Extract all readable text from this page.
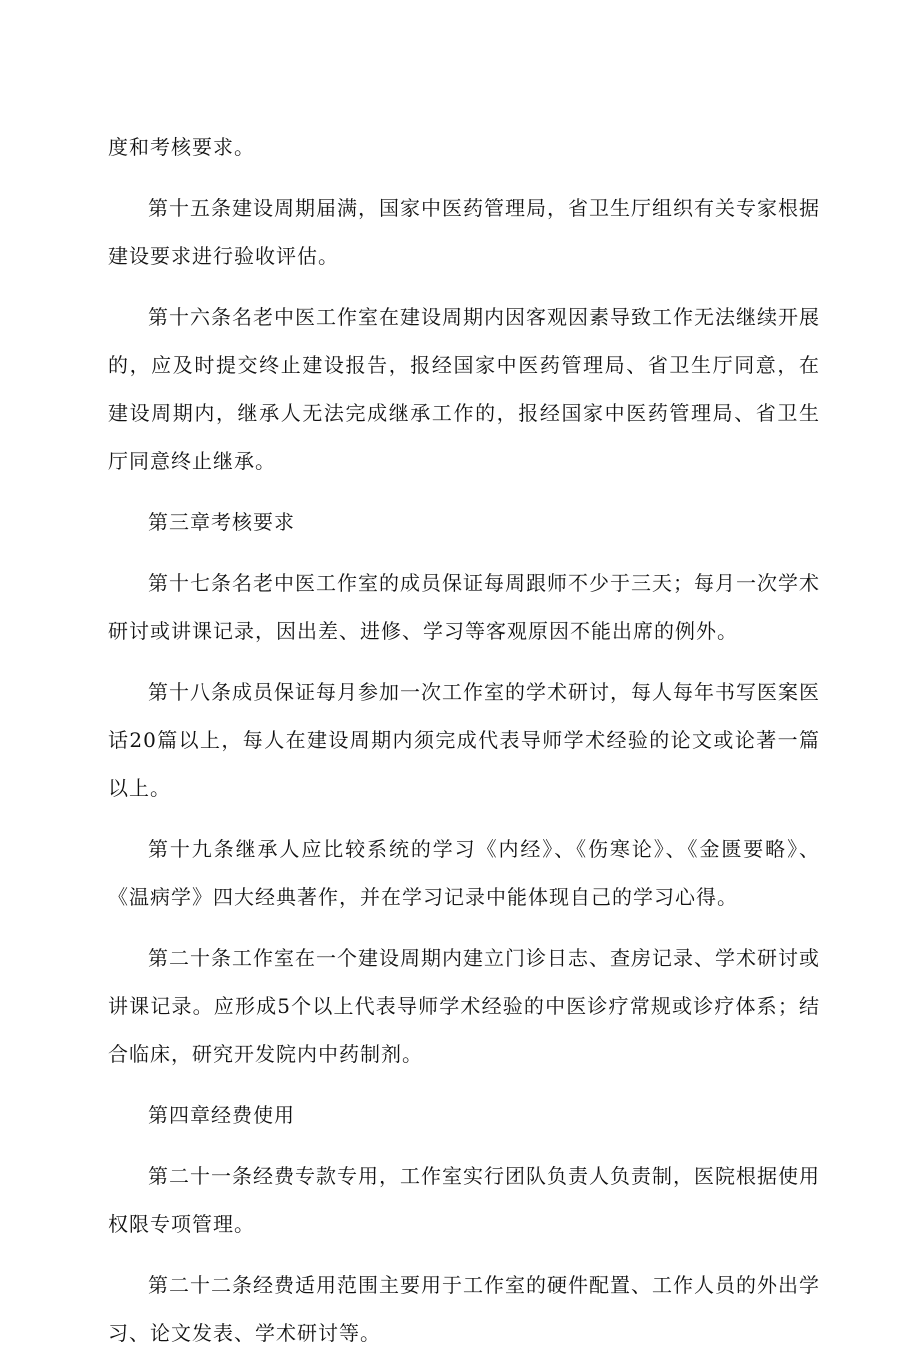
度和考核要求。

第十五条建设周期届满，国家中医药管理局，省卫生厅组织有关专家根据建设要求进行验收评估。

第十六条名老中医工作室在建设周期内因客观因素导致工作无法继续开展的，应及时提交终止建设报告，报经国家中医药管理局、省卫生厅同意，在建设周期内，继承人无法完成继承工作的，报经国家中医药管理局、省卫生厅同意终止继承。

第三章考核要求

第十七条名老中医工作室的成员保证每周跟师不少于三天；每月一次学术研讨或讲课记录，因出差、进修、学习等客观原因不能出席的例外。

第十八条成员保证每月参加一次工作室的学术研讨，每人每年书写医案医话20篇以上，每人在建设周期内须完成代表导师学术经验的论文或论著一篇以上。

第十九条继承人应比较系统的学习《内经》、《伤寒论》、《金匮要略》、《温病学》四大经典著作，并在学习记录中能体现自己的学习心得。

第二十条工作室在一个建设周期内建立门诊日志、查房记录、学术研讨或讲课记录。应形成5个以上代表导师学术经验的中医诊疗常规或诊疗体系；结合临床，研究开发院内中药制剂。

第四章经费使用

第二十一条经费专款专用，工作室实行团队负责人负责制，医院根据使用权限专项管理。

第二十二条经费适用范围主要用于工作室的硬件配置、工作人员的外出学习、论文发表、学术研讨等。
